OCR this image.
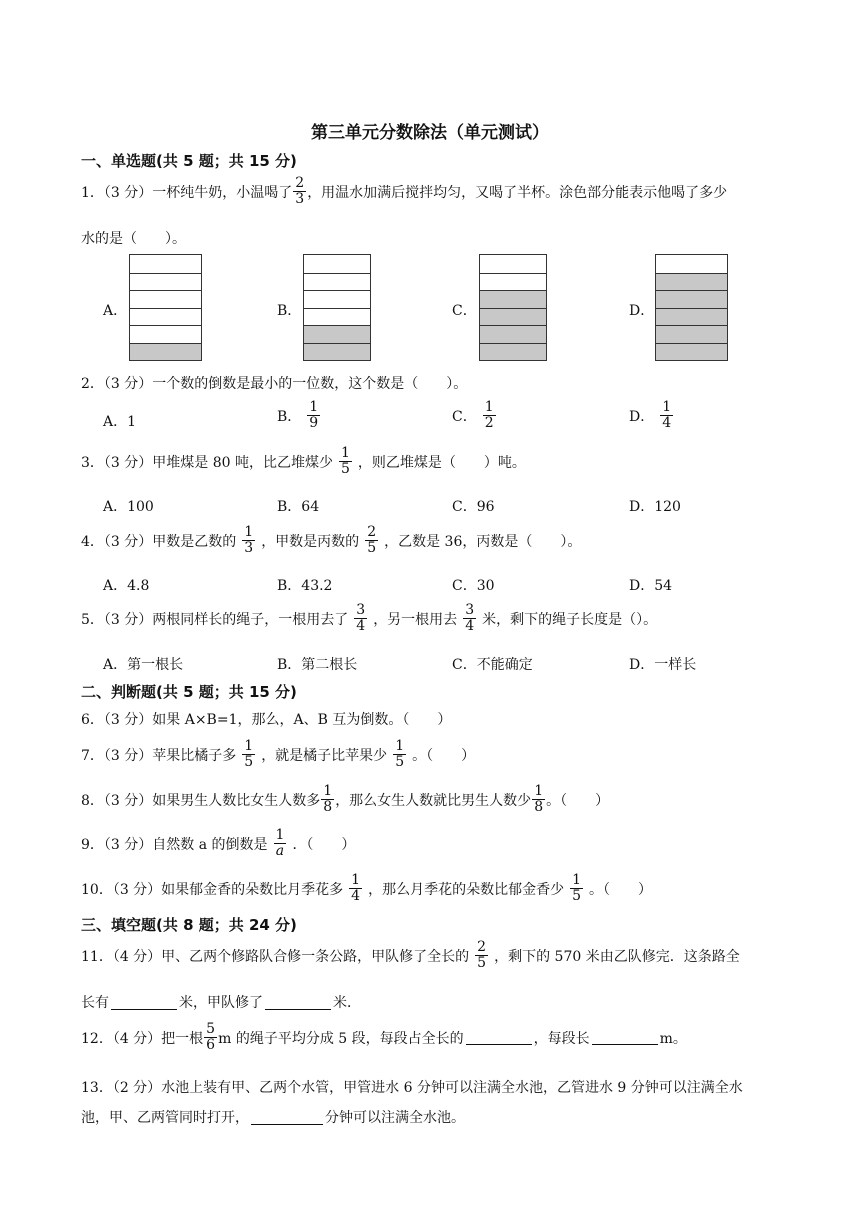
第三单元分数除法（单元测试）
一、单选题(共 5 题；共 15 分)
1．（3 分）一杯纯牛奶，小温喝了 $\frac{2}{3}$ ，用温水加满后搅拌均匀，又喝了半杯。涂色部分能表示他喝了多少
水的是（　　）。
A．	B．	C．	D．
2．（3 分）一个数的倒数是最小的一位数，这个数是（　　）。
A．1	B． $\frac{1}{9}$	C． $\frac{1}{2}$	D． $\frac{1}{4}$
3．（3 分）甲堆煤是 80 吨，比乙堆煤少 $\frac{1}{5}$ ，则乙堆煤是（　　）吨。
A．100	B．64	C．96	D．120
4．（3 分）甲数是乙数的 $\frac{1}{3}$ ，甲数是丙数的 $\frac{2}{5}$ ，乙数是 36，丙数是（　　）。
A．4.8	B．43.2	C．30	D．54
5．（3 分）两根同样长的绳子，一根用去了 $\frac{3}{4}$ ，另一根用去 $\frac{3}{4}$ 米，剩下的绳子长度是（）。
A．第一根长	B．第二根长	C．不能确定	D．一样长
二、判断题(共 5 题；共 15 分)
6．（3 分）如果 A×B=1，那么，A、B 互为倒数。（　　）
7．（3 分）苹果比橘子多 $\frac{1}{5}$ ，就是橘子比苹果少 $\frac{1}{5}$ 。（　　）
8．（3 分）如果男生人数比女生人数多 $\frac{1}{8}$ ，那么女生人数就比男生人数少 $\frac{1}{8}$ 。（　　）
9．（3 分）自然数 a 的倒数是 $\frac{1}{a}$ ．（　　）
10．（3 分）如果郁金香的朵数比月季花多 $\frac{1}{4}$ ，那么月季花的朵数比郁金香少 $\frac{1}{5}$ 。（　　）
三、填空题(共 8 题；共 24 分)
11．（4 分）甲、乙两个修路队合修一条公路，甲队修了全长的 $\frac{2}{5}$ ，剩下的 570 米由乙队修完．这条路全
长有	米，甲队修了	米．
12．（4 分）把一根 $\frac{5}{6}$ m 的绳子平均分成 5 段，每段占全长的	，每段长	m。
13．（2 分）水池上装有甲、乙两个水管，甲管进水 6 分钟可以注满全水池，乙管进水 9 分钟可以注满全水
池，甲、乙两管同时打开，	分钟可以注满全水池。
